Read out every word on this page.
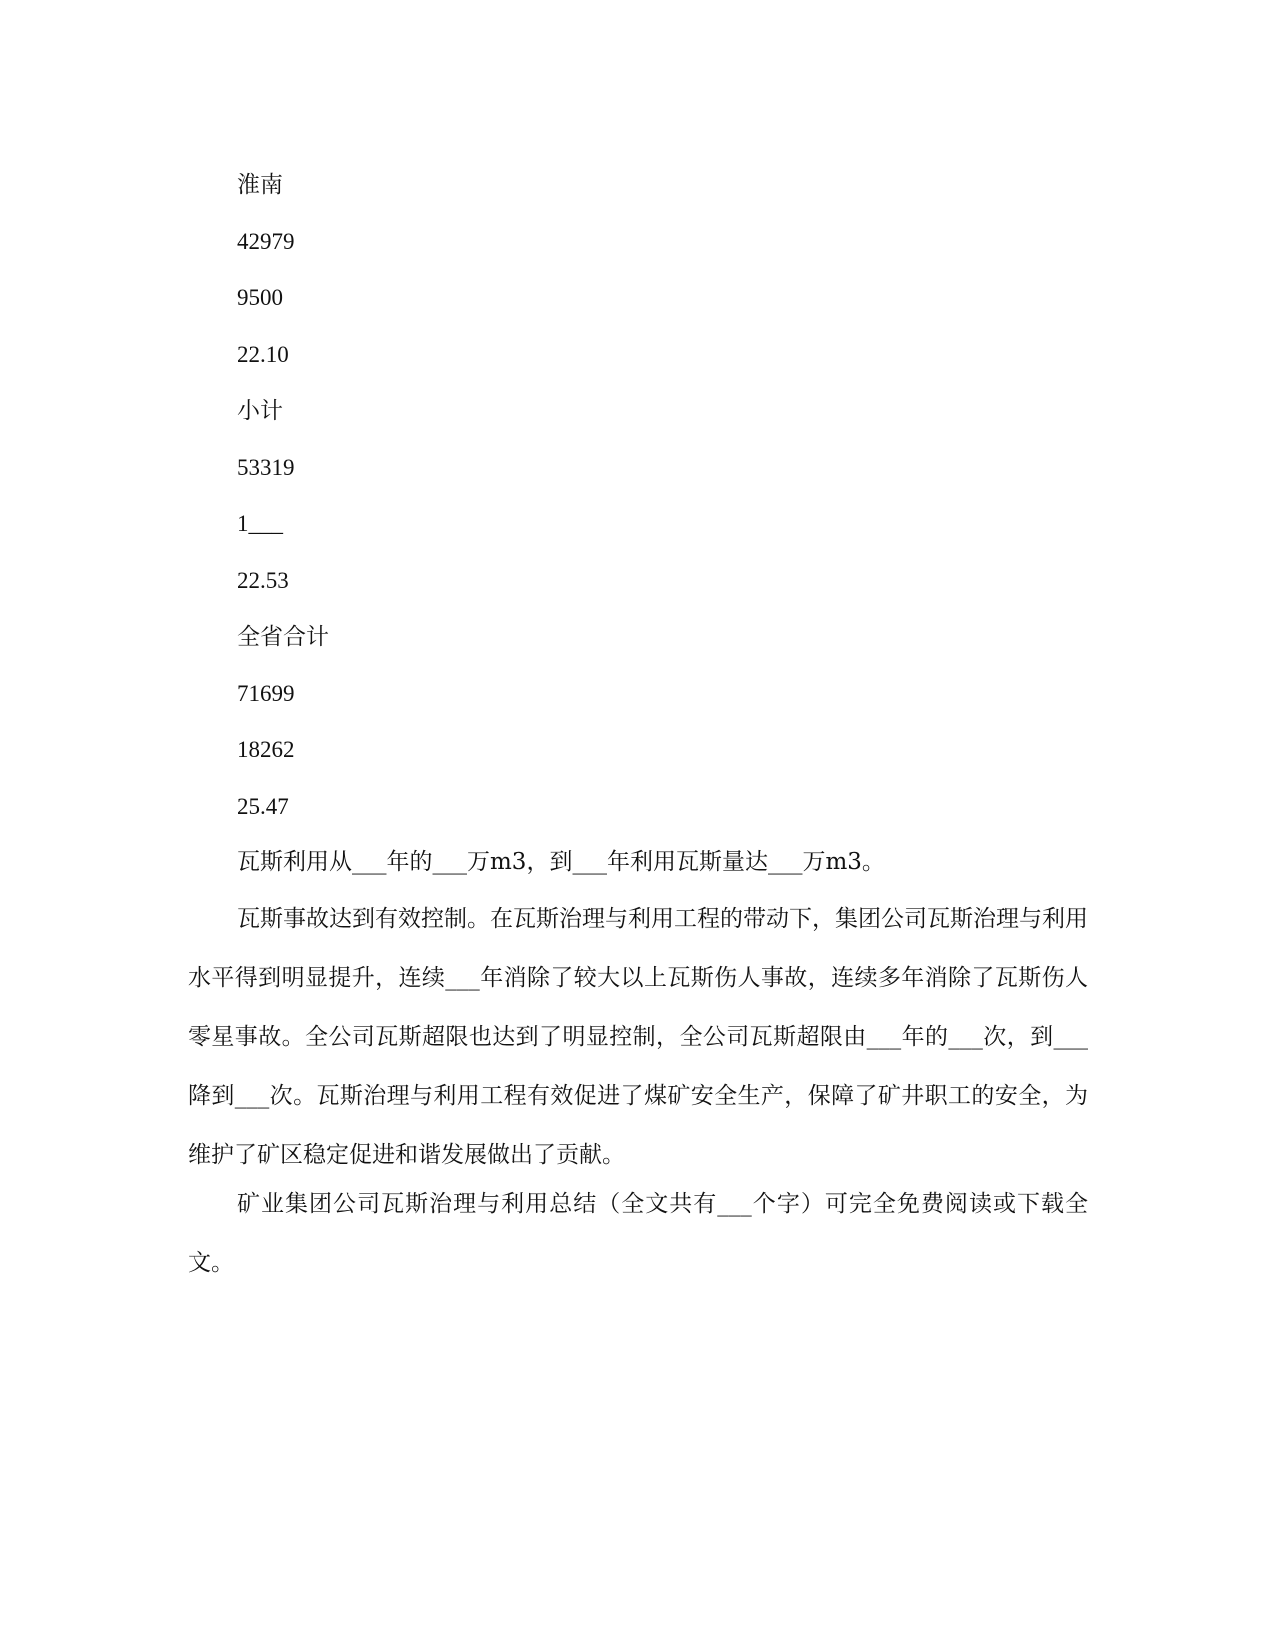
淮南
42979
9500
22.10
小计
53319
1___
22.53
全省合计
71699
18262
25.47

瓦斯利用从___年的___万m3，到___年利用瓦斯量达___万m3。

瓦斯事故达到有效控制。在瓦斯治理与利用工程的带动下，集团公司瓦斯治理与利用水平得到明显提升，连续___年消除了较大以上瓦斯伤人事故，连续多年消除了瓦斯伤人零星事故。全公司瓦斯超限也达到了明显控制，全公司瓦斯超限由___年的___次，到___降到___次。瓦斯治理与利用工程有效促进了煤矿安全生产，保障了矿井职工的安全，为维护了矿区稳定促进和谐发展做出了贡献。

矿业集团公司瓦斯治理与利用总结（全文共有___个字）可完全免费阅读或下载全文。
